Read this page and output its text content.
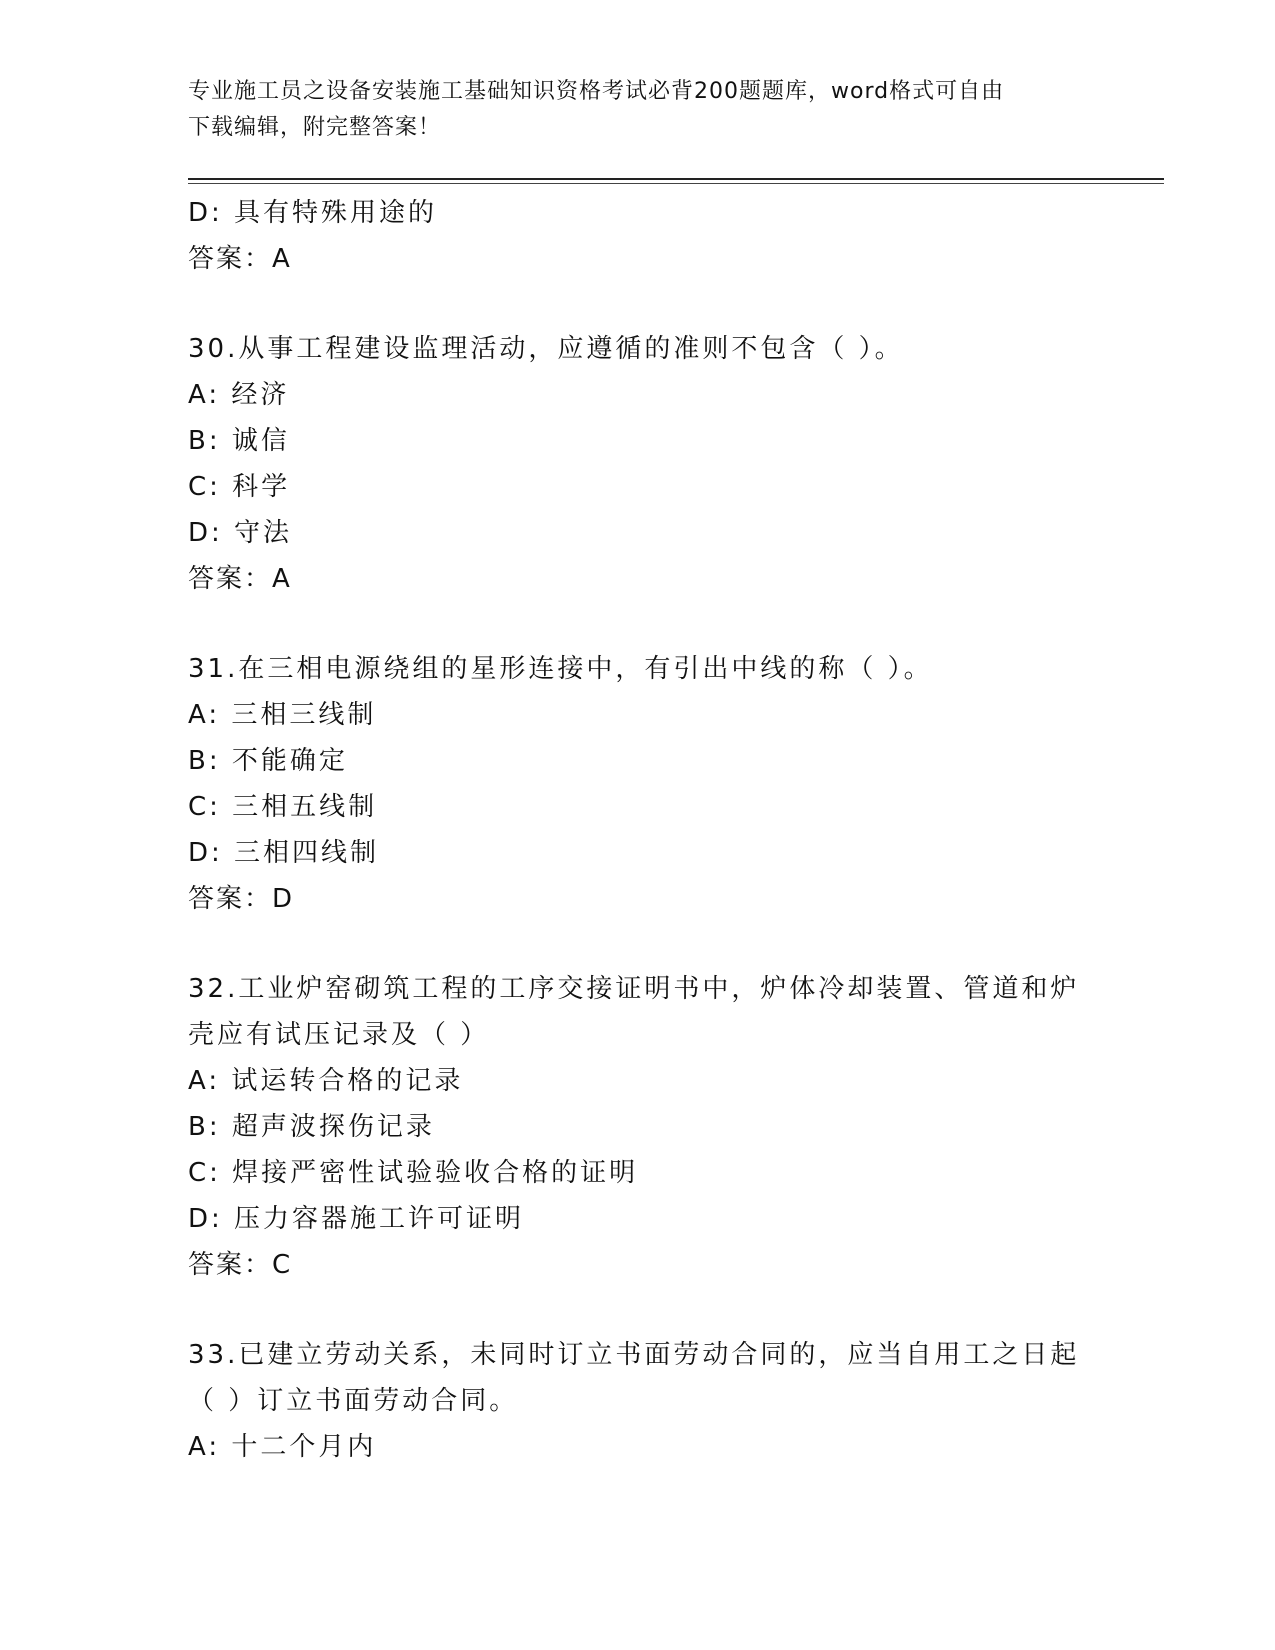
专业施工员之设备安装施工基础知识资格考试必背200题题库，word格式可自由
下载编辑，附完整答案！
D: 具有特殊用途的
答案：A
30.从事工程建设监理活动，应遵循的准则不包含（ ）。
A: 经济
B: 诚信
C: 科学
D: 守法
答案：A
31.在三相电源绕组的星形连接中，有引出中线的称（ ）。
A: 三相三线制
B: 不能确定
C: 三相五线制
D: 三相四线制
答案：D
32.工业炉窑砌筑工程的工序交接证明书中，炉体冷却装置、管道和炉
壳应有试压记录及（ ）
A: 试运转合格的记录
B: 超声波探伤记录
C: 焊接严密性试验验收合格的证明
D: 压力容器施工许可证明
答案：C
33.已建立劳动关系，未同时订立书面劳动合同的，应当自用工之日起
（ ）订立书面劳动合同。
A: 十二个月内
